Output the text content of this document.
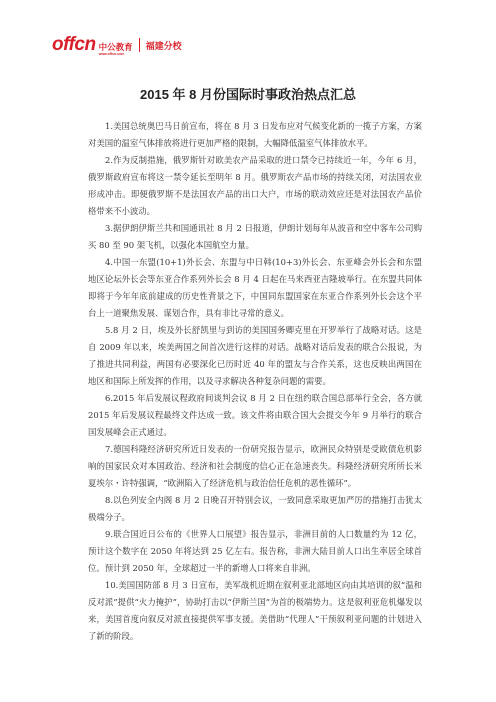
offcn 中公教育
www.offcn.com
福建分校
2015 年 8 月份国际时事政治热点汇总

1.美国总统奥巴马日前宣布，将在 8 月 3 日发布应对气候变化新的一揽子方案，方案对美国的温室气体排放将进行更加严格的限制，大幅降低温室气体排放水平。

2.作为反制措施，俄罗斯针对欧美农产品采取的进口禁令已持续近一年，今年 6 月，俄罗斯政府宣布将这一禁令延长至明年 8 月。俄罗斯农产品市场的持续关闭，对法国农业形成冲击。即便俄罗斯不是法国农产品的出口大户，市场的联动效应还是对法国农产品价格带来不小波动。

3.据伊朗伊斯兰共和国通讯社 8 月 2 日报道，伊朗计划每年从波音和空中客车公司购买 80 至 90 架飞机，以强化本国航空力量。

4.中国一东盟(10+1)外长会、东盟与中日韩(10+3)外长会、东亚峰会外长会和东盟地区论坛外长会等东亚合作系列外长会 8 月 4 日起在马来西亚吉隆坡举行。在东盟共同体即将于今年年底前建成的历史性背景之下，中国同东盟国家在东亚合作系列外长会这个平台上一道聚焦发展、谋划合作，具有非比寻常的意义。

5.8 月 2 日，埃及外长舒凯里与到访的美国国务卿克里在开罗举行了战略对话。这是自 2009 年以来，埃美两国之间首次进行这样的对话。战略对话后发表的联合公报说，为了推进共同利益，两国有必要深化已历时近 40 年的盟友与合作关系，这也反映出两国在地区和国际上所发挥的作用，以及寻求解决各种复杂问题的需要。

6.2015 年后发展议程政府间谈判会议 8 月 2 日在纽约联合国总部举行全会，各方就 2015 年后发展议程最终文件达成一致。该文件将由联合国大会提交今年 9 月举行的联合国发展峰会正式通过。

7.德国科隆经济研究所近日发表的一份研究报告显示，欧洲民众特别是受欧债危机影响的国家民众对本国政治、经济和社会制度的信心正在急速丧失。科隆经济研究所所长米夏埃尔・许特强调，“欧洲陷入了经济危机与政治信任危机的恶性循环”。

8.以色列安全内阁 8 月 2 日晚召开特别会议，一致同意采取更加严厉的措施打击犹太极端分子。

9.联合国近日公布的《世界人口展望》报告显示，非洲目前的人口数量约为 12 亿，预计这个数字在 2050 年将达到 25 亿左右。报告称，非洲大陆目前人口出生率居全球首位。预计到 2050 年，全球超过一半的新增人口将来自非洲。

10.美国国防部 8 月 3 日宣布，美军战机近期在叙利亚北部地区向由其培训的叙“温和反对派”提供“火力掩护”，协助打击以“伊斯兰国”为首的极端势力。这是叙利亚危机爆发以来，美国首度向叙反对派直接提供军事支援。美借助“代理人”干预叙利亚问题的计划进入了新的阶段。
